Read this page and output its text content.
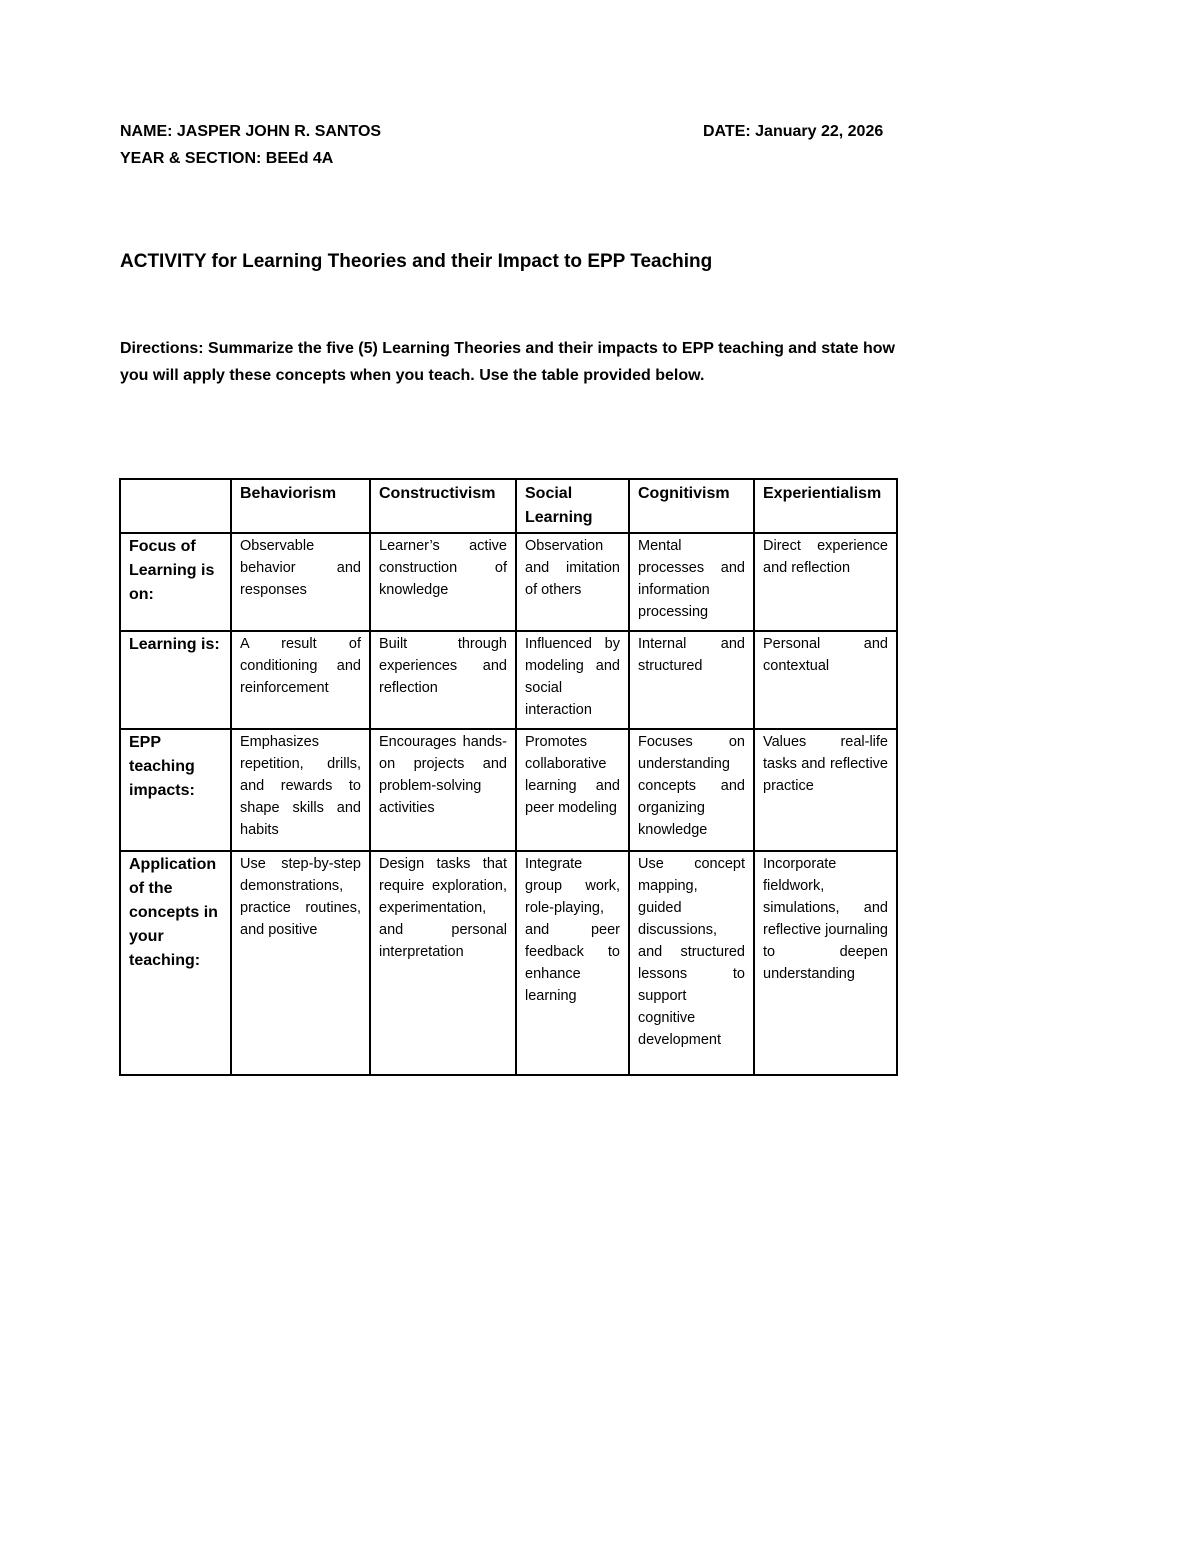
NAME: JASPER JOHN R. SANTOS
YEAR & SECTION: BEEd 4A
DATE: January 22, 2026
ACTIVITY for Learning Theories and their Impact to EPP Teaching
Directions: Summarize the five (5) Learning Theories and their impacts to EPP teaching and state how you will apply these concepts when you teach. Use the table provided below.
	Behaviorism	Constructivism	Social Learning	Cognitivism	Experientialism
Focus of Learning is on:	Observable behavior and responses	Learner’s active construction of knowledge	Observation and imitation of others	Mental processes and information processing	Direct experience and reflection
Learning is:	A result of conditioning and reinforcement	Built through experiences and reflection	Influenced by modeling and social interaction	Internal and structured	Personal and contextual
EPP teaching impacts:	Emphasizes repetition, drills, and rewards to shape skills and habits	Encourages hands-on projects and problem-solving activities	Promotes collaborative learning and peer modeling	Focuses on understanding concepts and organizing knowledge	Values real-life tasks and reflective practice
Application of the concepts in your teaching:	Use step-by-step demonstrations, practice routines, and positive	Design tasks that require exploration, experimentation, and personal interpretation	Integrate group work, role-playing, and peer feedback to enhance learning	Use concept mapping, guided discussions, and structured lessons to support cognitive development	Incorporate fieldwork, simulations, and reflective journaling to deepen understanding
